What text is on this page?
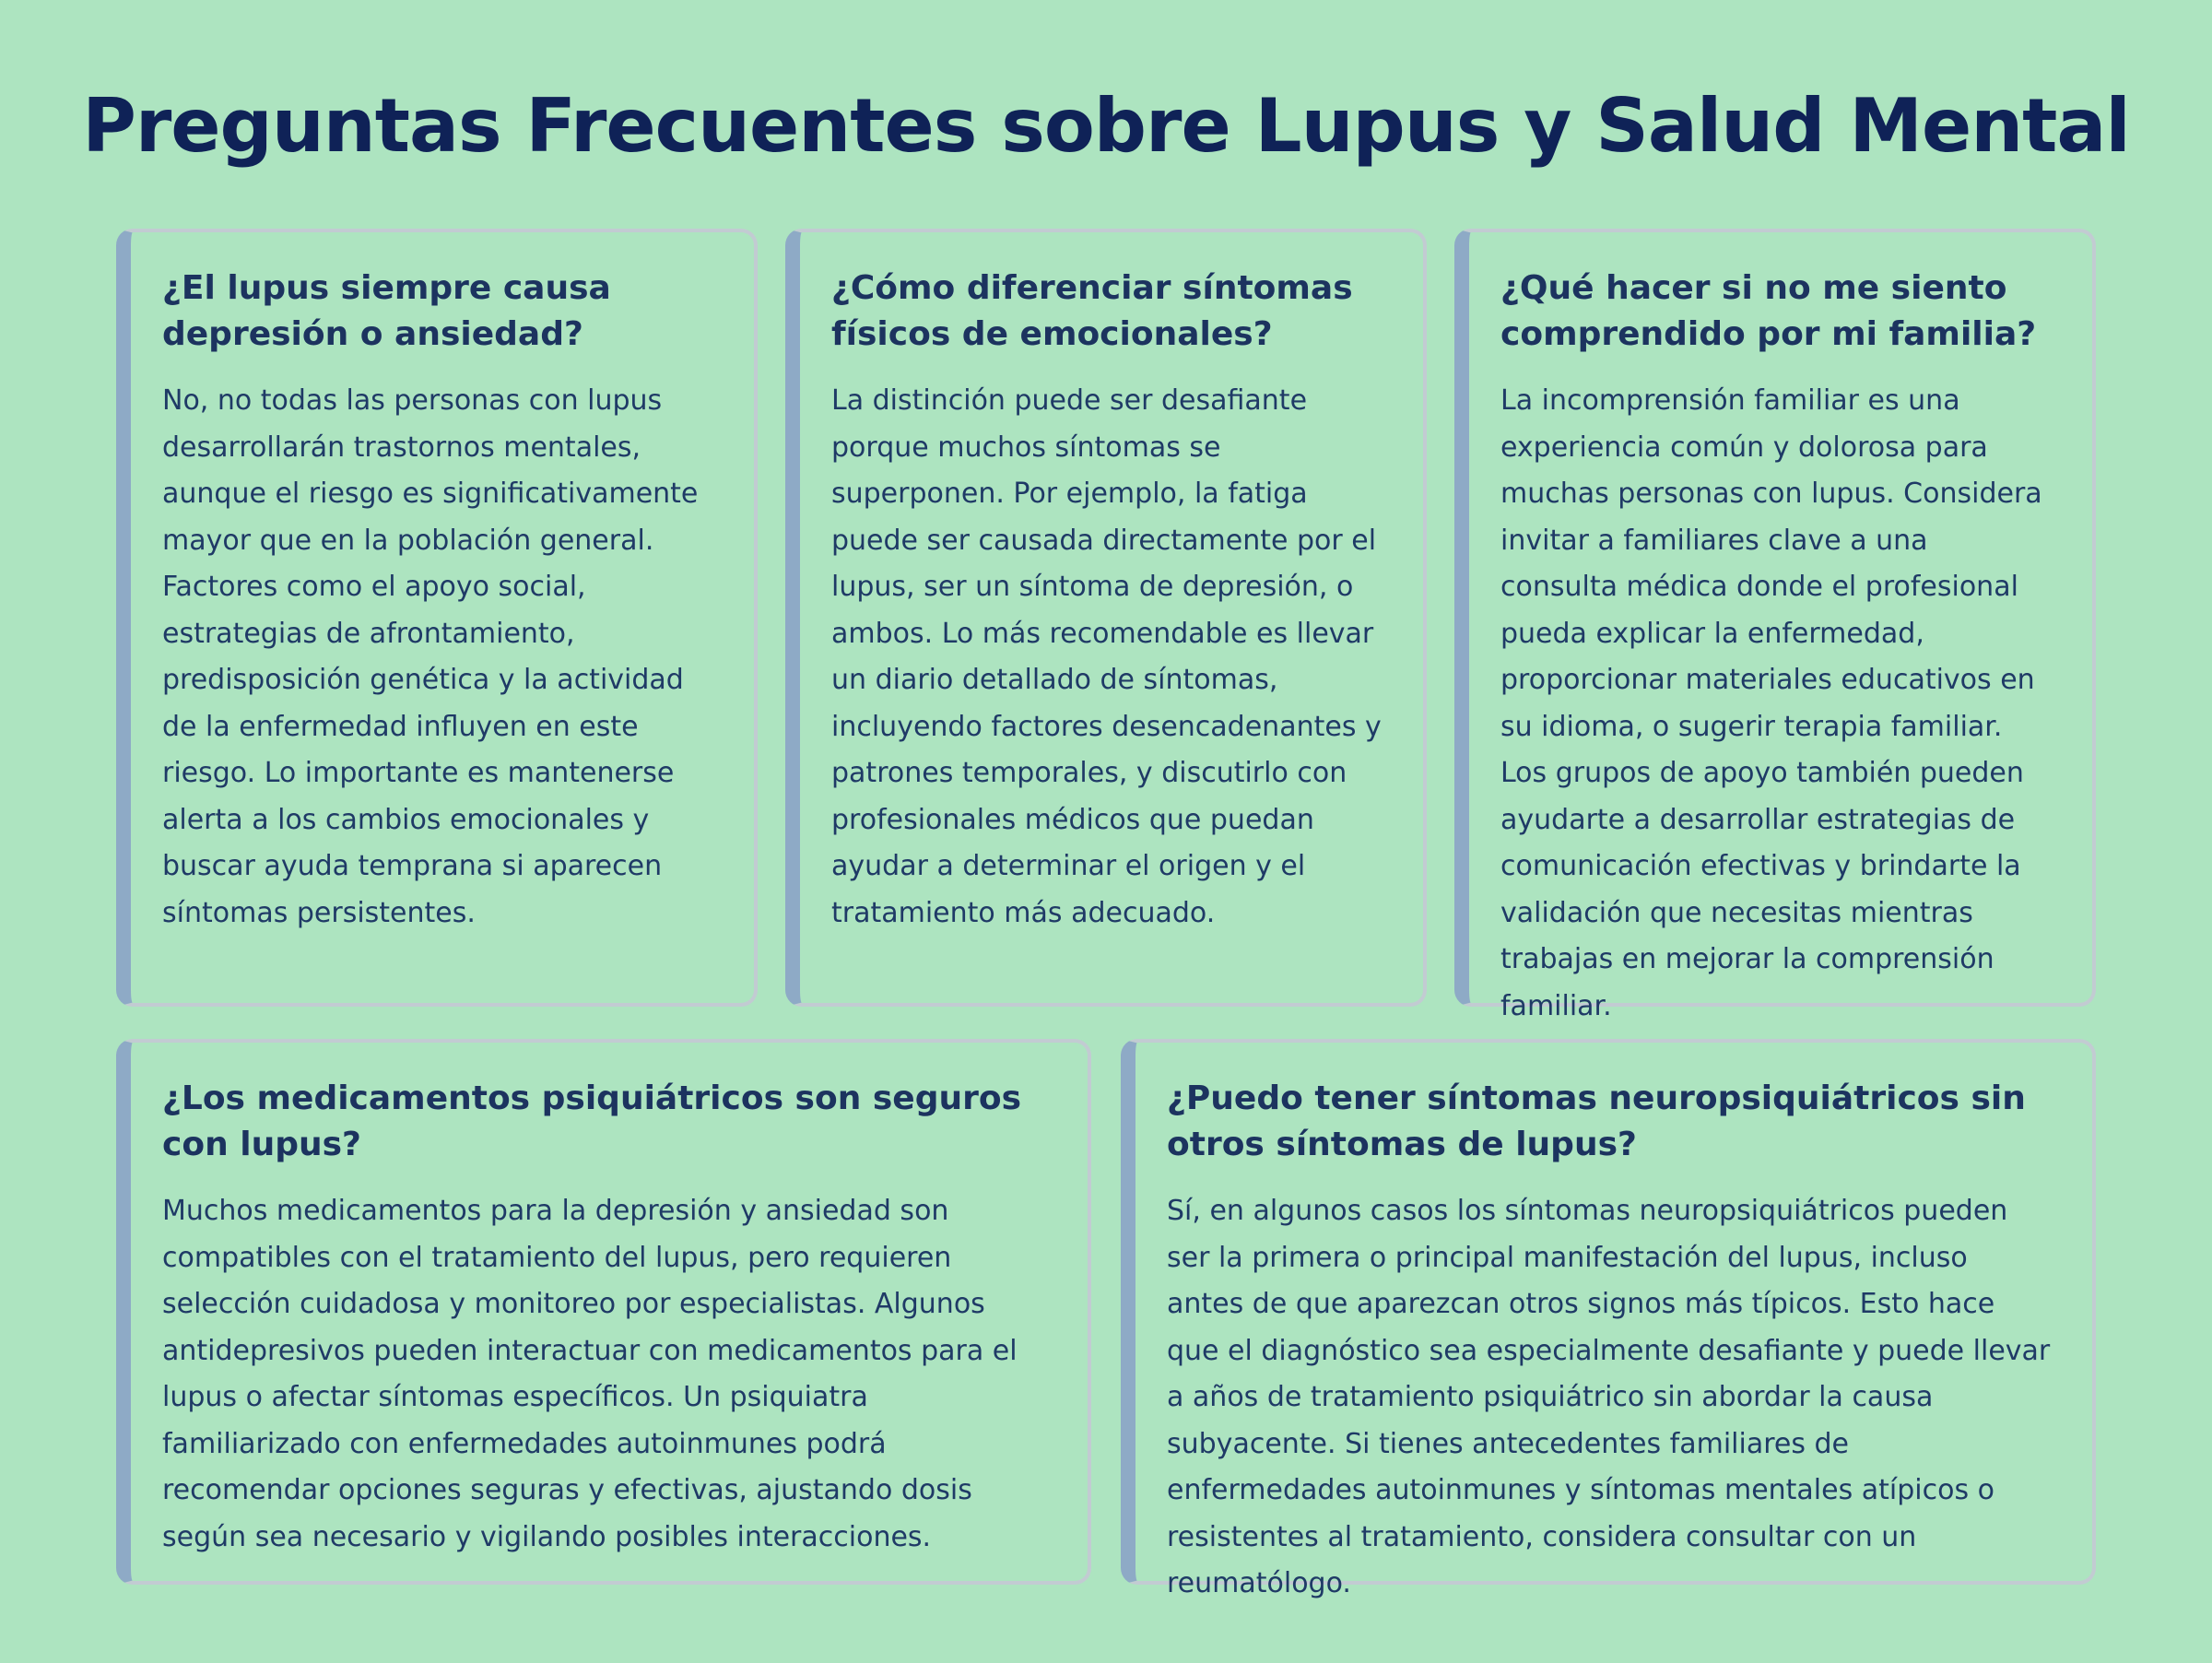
Preguntas Frecuentes sobre Lupus y Salud Mental
¿El lupus siempre causa depresión o ansiedad?

No, no todas las personas con lupus desarrollarán trastornos mentales, aunque el riesgo es significativamente mayor que en la población general. Factores como el apoyo social, estrategias de afrontamiento, predisposición genética y la actividad de la enfermedad influyen en este riesgo. Lo importante es mantenerse alerta a los cambios emocionales y buscar ayuda temprana si aparecen síntomas persistentes.

¿Cómo diferenciar síntomas físicos de emocionales?

La distinción puede ser desafiante porque muchos síntomas se superponen. Por ejemplo, la fatiga puede ser causada directamente por el lupus, ser un síntoma de depresión, o ambos. Lo más recomendable es llevar un diario detallado de síntomas, incluyendo factores desencadenantes y patrones temporales, y discutirlo con profesionales médicos que puedan ayudar a determinar el origen y el tratamiento más adecuado.

¿Qué hacer si no me siento comprendido por mi familia?

La incomprensión familiar es una experiencia común y dolorosa para muchas personas con lupus. Considera invitar a familiares clave a una consulta médica donde el profesional pueda explicar la enfermedad, proporcionar materiales educativos en su idioma, o sugerir terapia familiar. Los grupos de apoyo también pueden ayudarte a desarrollar estrategias de comunicación efectivas y brindarte la validación que necesitas mientras trabajas en mejorar la comprensión familiar.

¿Los medicamentos psiquiátricos son seguros con lupus?

Muchos medicamentos para la depresión y ansiedad son compatibles con el tratamiento del lupus, pero requieren selección cuidadosa y monitoreo por especialistas. Algunos antidepresivos pueden interactuar con medicamentos para el lupus o afectar síntomas específicos. Un psiquiatra familiarizado con enfermedades autoinmunes podrá recomendar opciones seguras y efectivas, ajustando dosis según sea necesario y vigilando posibles interacciones.

¿Puedo tener síntomas neuropsiquiátricos sin otros síntomas de lupus?

Sí, en algunos casos los síntomas neuropsiquiátricos pueden ser la primera o principal manifestación del lupus, incluso antes de que aparezcan otros signos más típicos. Esto hace que el diagnóstico sea especialmente desafiante y puede llevar a años de tratamiento psiquiátrico sin abordar la causa subyacente. Si tienes antecedentes familiares de enfermedades autoinmunes y síntomas mentales atípicos o resistentes al tratamiento, considera consultar con un reumatólogo.
